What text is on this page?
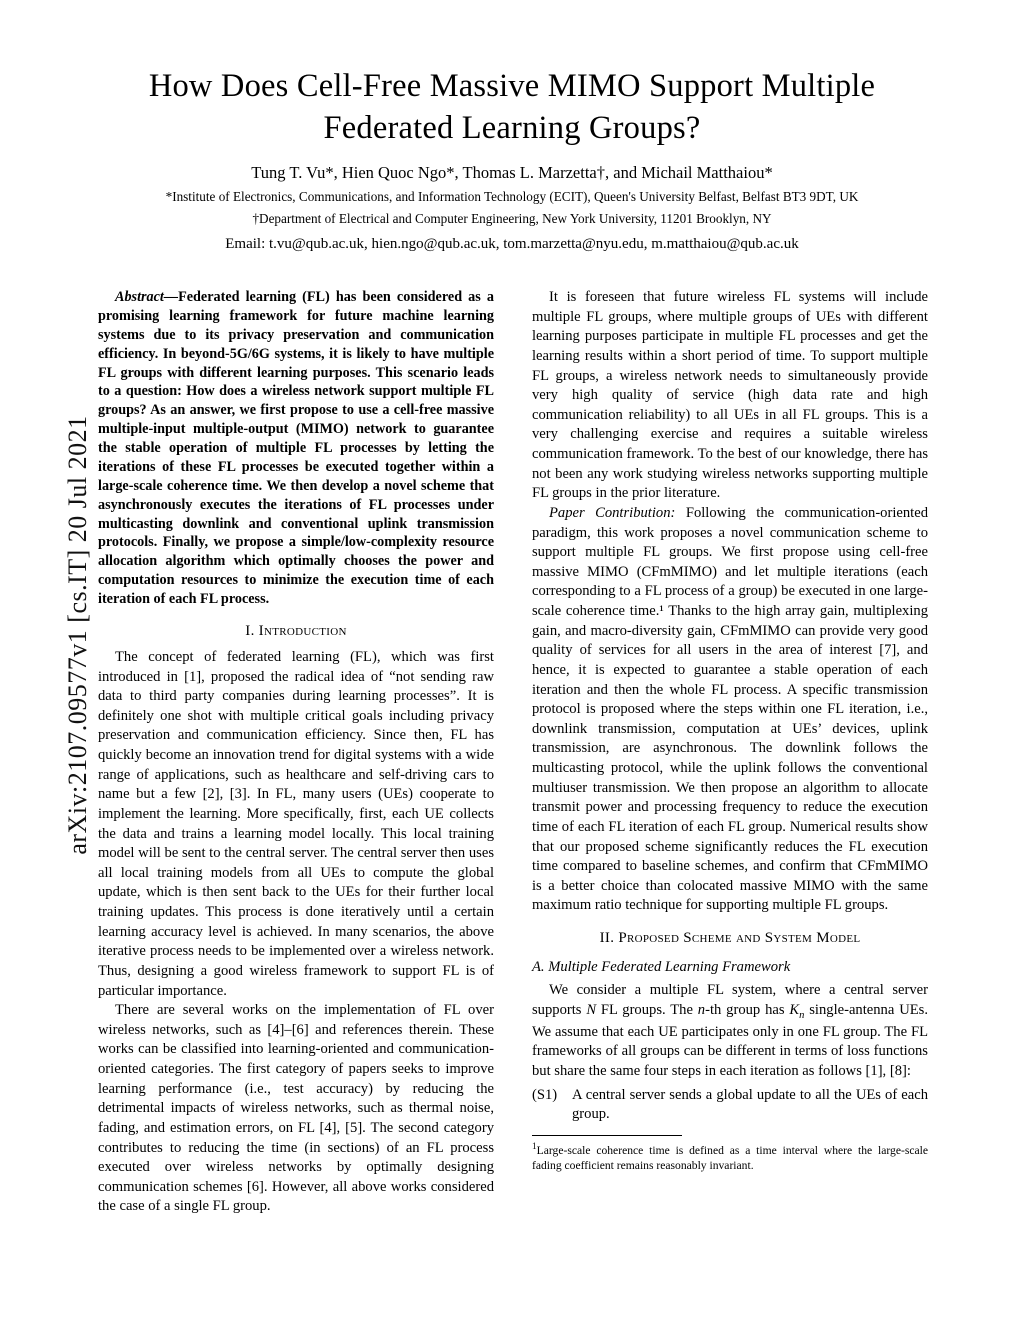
arXiv:2107.09577v1 [cs.IT] 20 Jul 2021
How Does Cell-Free Massive MIMO Support Multiple Federated Learning Groups?
Tung T. Vu*, Hien Quoc Ngo*, Thomas L. Marzetta†, and Michail Matthaiou*
*Institute of Electronics, Communications, and Information Technology (ECIT), Queen's University Belfast, Belfast BT3 9DT, UK
†Department of Electrical and Computer Engineering, New York University, 11201 Brooklyn, NY
Email: t.vu@qub.ac.uk, hien.ngo@qub.ac.uk, tom.marzetta@nyu.edu, m.matthaiou@qub.ac.uk

Abstract—Federated learning (FL) has been considered as a promising learning framework for future machine learning systems due to its privacy preservation and communication efficiency. In beyond-5G/6G systems, it is likely to have multiple FL groups with different learning purposes. This scenario leads to a question: How does a wireless network support multiple FL groups? As an answer, we first propose to use a cell-free massive multiple-input multiple-output (MIMO) network to guarantee the stable operation of multiple FL processes by letting the iterations of these FL processes be executed together within a large-scale coherence time. We then develop a novel scheme that asynchronously executes the iterations of FL processes under multicasting downlink and conventional uplink transmission protocols. Finally, we propose a simple/low-complexity resource allocation algorithm which optimally chooses the power and computation resources to minimize the execution time of each iteration of each FL process.

I. Introduction

The concept of federated learning (FL), which was first introduced in [1], proposed the radical idea of “not sending raw data to third party companies during learning processes”. It is definitely one shot with multiple critical goals including privacy preservation and communication efficiency. Since then, FL has quickly become an innovation trend for digital systems with a wide range of applications, such as healthcare and self-driving cars to name but a few [2], [3]. In FL, many users (UEs) cooperate to implement the learning. More specifically, first, each UE collects the data and trains a learning model locally. This local training model will be sent to the central server. The central server then uses all local training models from all UEs to compute the global update, which is then sent back to the UEs for their further local training updates. This process is done iteratively until a certain learning accuracy level is achieved. In many scenarios, the above iterative process needs to be implemented over a wireless network. Thus, designing a good wireless framework to support FL is of particular importance.

There are several works on the implementation of FL over wireless networks, such as [4]–[6] and references therein. These works can be classified into learning-oriented and communication-oriented categories. The first category of papers seeks to improve learning performance (i.e., test accuracy) by reducing the detrimental impacts of wireless networks, such as thermal noise, fading, and estimation errors, on FL [4], [5]. The second category contributes to reducing the time (in sections) of an FL process executed over wireless networks by optimally designing communication schemes [6]. However, all above works considered the case of a single FL group.

It is foreseen that future wireless FL systems will include multiple FL groups, where multiple groups of UEs with different learning purposes participate in multiple FL processes and get the learning results within a short period of time. To support multiple FL groups, a wireless network needs to simultaneously provide very high quality of service (high data rate and high communication reliability) to all UEs in all FL groups. This is a very challenging exercise and requires a suitable wireless communication framework. To the best of our knowledge, there has not been any work studying wireless networks supporting multiple FL groups in the prior literature.

Paper Contribution: Following the communication-oriented paradigm, this work proposes a novel communication scheme to support multiple FL groups. We first propose using cell-free massive MIMO (CFmMIMO) and let multiple iterations (each corresponding to a FL process of a group) be executed in one large-scale coherence time.¹ Thanks to the high array gain, multiplexing gain, and macro-diversity gain, CFmMIMO can provide very good quality of services for all users in the area of interest [7], and hence, it is expected to guarantee a stable operation of each iteration and then the whole FL process. A specific transmission protocol is proposed where the steps within one FL iteration, i.e., downlink transmission, computation at UEs’ devices, uplink transmission, are asynchronous. The downlink follows the multicasting protocol, while the uplink follows the conventional multiuser transmission. We then propose an algorithm to allocate transmit power and processing frequency to reduce the execution time of each FL iteration of each FL group. Numerical results show that our proposed scheme significantly reduces the FL execution time compared to baseline schemes, and confirm that CFmMIMO is a better choice than colocated massive MIMO with the same maximum ratio technique for supporting multiple FL groups.

II. Proposed Scheme and System Model
A. Multiple Federated Learning Framework

We consider a multiple FL system, where a central server supports N FL groups. The n-th group has $K_n$ single-antenna UEs. We assume that each UE participates only in one FL group. The FL frameworks of all groups can be different in terms of loss functions but share the same four steps in each iteration as follows [1], [8]:

(S1)	A central server sends a global update to all the UEs of each group.
$^1$Large-scale coherence time is defined as a time interval where the large-scale fading coefficient remains reasonably invariant.
